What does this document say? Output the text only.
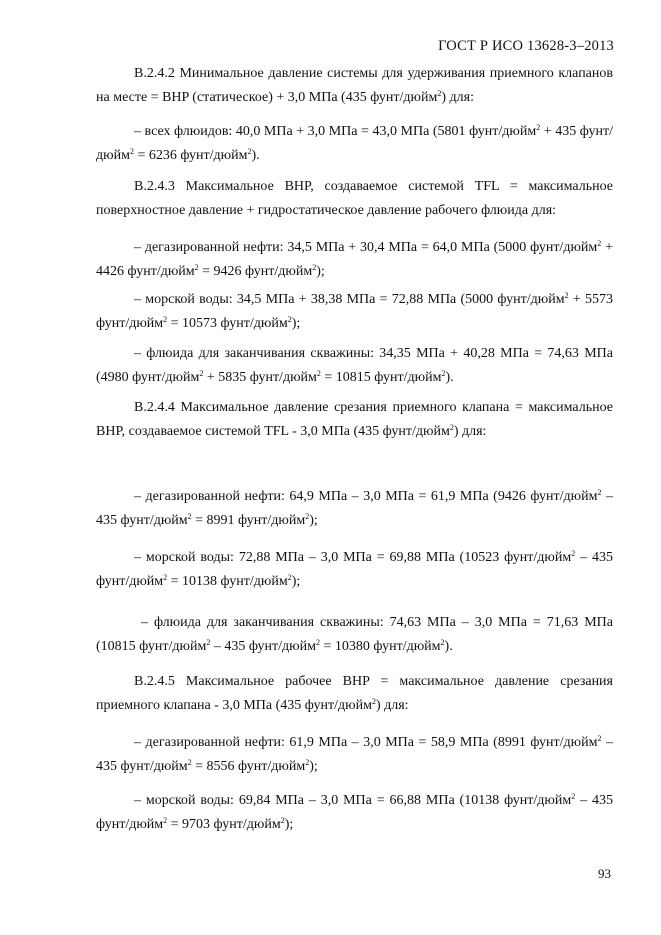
ГОСТ Р ИСО 13628-3–2013

B.2.4.2 Минимальное давление системы для удерживания приемного клапанов на месте = BHP (статическое) + 3,0 МПа (435 фунт/дюйм$^2$) для:

– всех флюидов: 40,0 МПа + 3,0 МПа = 43,0 МПа (5801 фунт/дюйм$^2$ + 435 фунт/дюйм$^2$ = 6236 фунт/дюйм$^2$).

B.2.4.3 Максимальное BHP, создаваемое системой TFL = максимальное поверхностное давление + гидростатическое давление рабочего флюида для:

– дегазированной нефти: 34,5 МПа + 30,4 МПа = 64,0 МПа (5000 фунт/дюйм$^2$ + 4426 фунт/дюйм$^2$ = 9426 фунт/дюйм$^2$);

– морской воды: 34,5 МПа + 38,38 МПа = 72,88 МПа (5000 фунт/дюйм$^2$ + 5573 фунт/дюйм$^2$ = 10573 фунт/дюйм$^2$);

– флюида для заканчивания скважины: 34,35 МПа + 40,28 МПа = 74,63 МПа (4980 фунт/дюйм$^2$ + 5835 фунт/дюйм$^2$ = 10815 фунт/дюйм$^2$).

B.2.4.4 Максимальное давление срезания приемного клапана = максимальное BHP, создаваемое системой TFL - 3,0 МПа (435 фунт/дюйм$^2$) для:

– дегазированной нефти: 64,9 МПа – 3,0 МПа = 61,9 МПа (9426 фунт/дюйм$^2$ – 435 фунт/дюйм$^2$ = 8991 фунт/дюйм$^2$);

– морской воды: 72,88 МПа – 3,0 МПа = 69,88 МПа (10523 фунт/дюйм$^2$ – 435 фунт/дюйм$^2$ = 10138 фунт/дюйм$^2$);

– флюида для заканчивания скважины: 74,63 МПа – 3,0 МПа = 71,63 МПа (10815 фунт/дюйм$^2$ – 435 фунт/дюйм$^2$ = 10380 фунт/дюйм$^2$).

B.2.4.5 Максимальное рабочее BHP = максимальное давление срезания приемного клапана - 3,0 МПа (435 фунт/дюйм$^2$) для:

– дегазированной нефти: 61,9 МПа – 3,0 МПа = 58,9 МПа (8991 фунт/дюйм$^2$ – 435 фунт/дюйм$^2$ = 8556 фунт/дюйм$^2$);

– морской воды: 69,84 МПа – 3,0 МПа = 66,88 МПа (10138 фунт/дюйм$^2$ – 435 фунт/дюйм$^2$ = 9703 фунт/дюйм$^2$);

93
